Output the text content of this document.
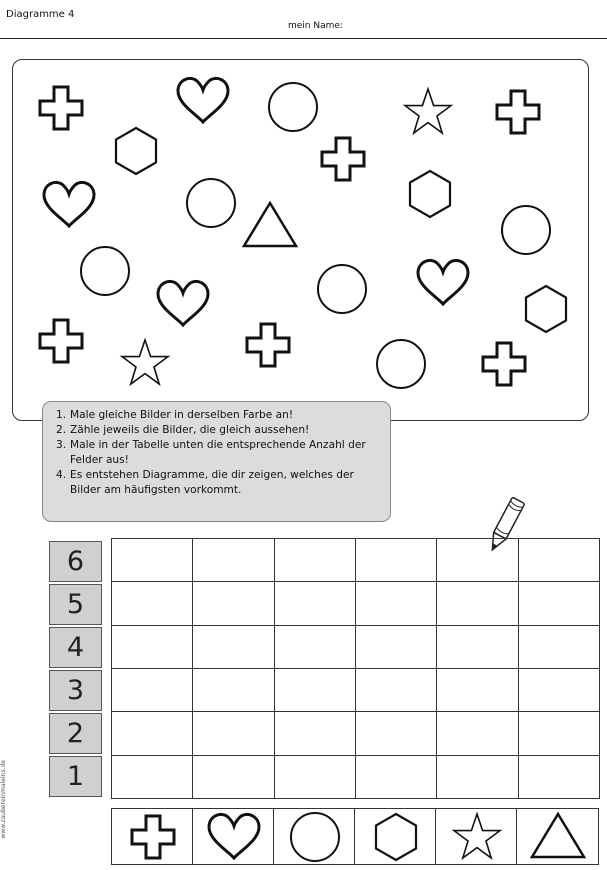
Diagramme 4
mein Name:
1. Male gleiche Bilder in derselben Farbe an!
2. Zähle jeweils die Bilder, die gleich aussehen!
3. Male in der Tabelle unten die entsprechende Anzahl der Felder aus!
4. Es entstehen Diagramme, die dir zeigen, welches der Bilder am häufigsten vorkommt.
6
5
4
3
2
1
www.zaubereinmaleins.de
